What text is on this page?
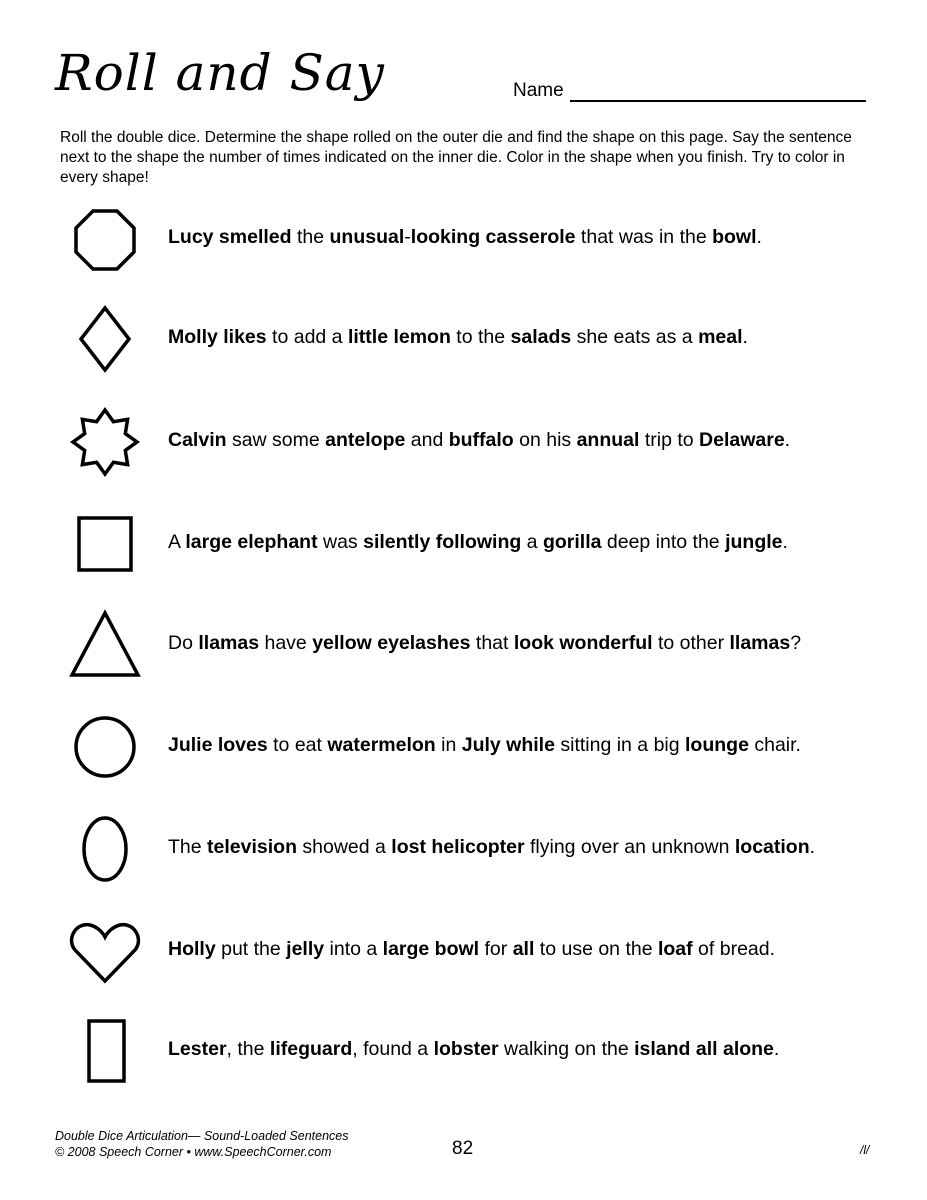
Roll and Say	Name
Roll the double dice. Determine the shape rolled on the outer die and find the shape on this page. Say the sentence next to the shape the number of times indicated on the inner die. Color in the shape when you finish. Try to color in every shape!
Lucy smelled the unusual-looking casserole that was in the bowl.
Molly likes to add a little lemon to the salads she eats as a meal.
Calvin saw some antelope and buffalo on his annual trip to Delaware.
A large elephant was silently following a gorilla deep into the jungle.
Do llamas have yellow eyelashes that look wonderful to other llamas?
Julie loves to eat watermelon in July while sitting in a big lounge chair.
The television showed a lost helicopter flying over an unknown location.
Holly put the jelly into a large bowl for all to use on the loaf of bread.
Lester, the lifeguard, found a lobster walking on the island all alone.
Double Dice Articulation— Sound-Loaded Sentences
© 2008 Speech Corner • www.SpeechCorner.com	82	/l/
